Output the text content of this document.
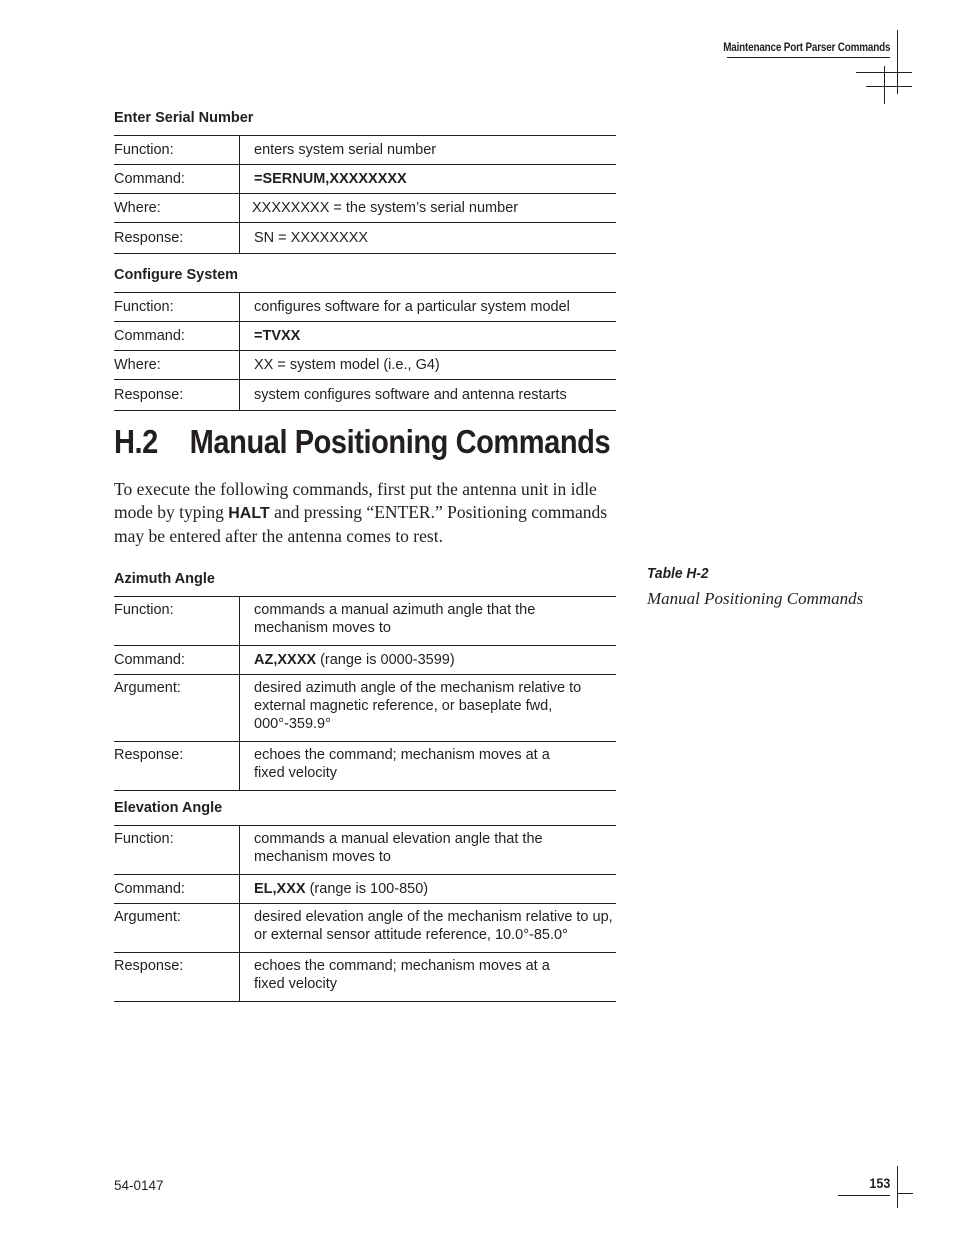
Maintenance Port Parser Commands
Enter Serial Number
Function:	enters system serial number
Command:	=SERNUM,XXXXXXXX
Where:	XXXXXXXX = the system’s serial number
Response:	SN = XXXXXXXX
Configure System
Function:	configures software for a particular system model
Command:	=TVXX
Where:	XX = system model (i.e., G4)
Response:	system configures software and antenna restarts
H.2 Manual Positioning Commands
To execute the following commands, first put the antenna unit in idle mode by typing HALT and pressing “ENTER.” Positioning commands may be entered after the antenna comes to rest.
Table H-2
Manual Positioning Commands
Azimuth Angle
Function:	commands a manual azimuth angle that the mechanism moves to
Command:	AZ,XXXX (range is 0000-3599)
Argument:	desired azimuth angle of the mechanism relative to external magnetic reference, or baseplate fwd, 000°-359.9°
Response:	echoes the command; mechanism moves at a fixed velocity
Elevation Angle
Function:	commands a manual elevation angle that the mechanism moves to
Command:	EL,XXX (range is 100-850)
Argument:	desired elevation angle of the mechanism relative to up, or external sensor attitude reference, 10.0°-85.0°
Response:	echoes the command; mechanism moves at a fixed velocity
54-0147	153
